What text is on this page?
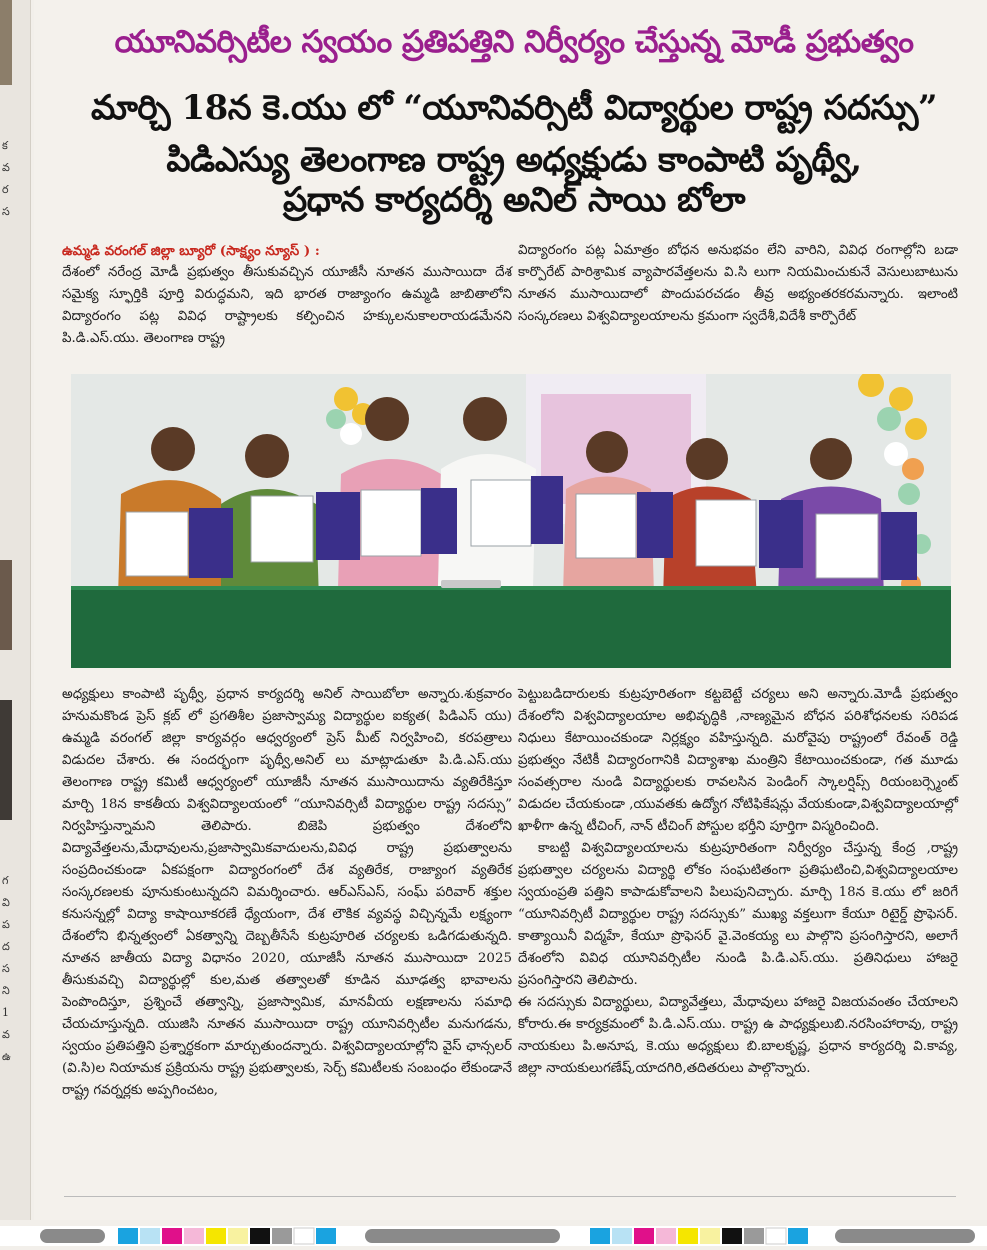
క
వ
ర
స
గ
వి
ప
ద
స
ని
1
వ
ఉ
యూనివర్సిటీల స్వయం ప్రతిపత్తిని నిర్వీర్యం చేస్తున్న మోడీ ప్రభుత్వం
మార్చి 18న కె.యు లో “యూనివర్సిటీ విద్యార్థుల రాష్ట్ర సదస్సు”
పిడిఎస్యు తెలంగాణ రాష్ట్ర అధ్యక్షుడు కాంపాటి పృథ్వీ,
ప్రధాన కార్యదర్శి అనిల్ సాయి బోలా

ఉమ్మడి వరంగల్ జిల్లా బ్యూరో (సాక్ష్యం న్యూస్ ) :

దేశంలో నరేంద్ర మోడీ ప్రభుత్వం తీసుకువచ్చిన యూజీసీ నూతన ముసాయిదా దేశ సమైక్య స్ఫూర్తికి పూర్తి విరుద్ధమని, ఇది భారత రాజ్యాంగం ఉమ్మడి జాబితాలోని విద్యారంగం పట్ల వివిధ రాష్ట్రాలకు కల్పించిన హక్కులనుకాలరాయడమేనని పి.డి.ఎస్.యు. తెలంగాణ రాష్ట్ర

విద్యారంగం పట్ల ఏమాత్రం బోధన అనుభవం లేని వారిని, వివిధ రంగాల్లోని బడా కార్పొరేట్ పారిశ్రామిక వ్యాపారవేత్తలను వి.సి లుగా నియమించుకునే వెసులుబాటును నూతన ముసాయిదాలో పొందుపరచడం తీవ్ర అభ్యంతరకరమన్నారు. ఇలాంటి సంస్కరణలు విశ్వవిద్యాలయాలను క్రమంగా స్వదేశీ,విదేశీ కార్పొరేట్

అధ్యక్షులు కాంపాటి పృథ్వీ, ప్రధాన కార్యదర్శి అనిల్ సాయిబోలా అన్నారు.శుక్రవారం హనుమకొండ ప్రెస్ క్లబ్ లో ప్రగతిశీల ప్రజాస్వామ్య విద్యార్థుల ఐక్యత( పిడిఎస్ యు) ఉమ్మడి వరంగల్ జిల్లా కార్యవర్గం ఆధ్వర్యంలో ప్రెస్ మీట్ నిర్వహించి, కరపత్రాలు విడుదల చేశారు. ఈ సందర్భంగా పృథ్వీ,అనిల్ లు మాట్లాడుతూ పి.డి.ఎస్.యు తెలంగాణ రాష్ట్ర కమిటీ ఆధ్వర్యంలో యూజీసీ నూతన ముసాయిదాను వ్యతిరేకిస్తూ మార్చి 18న కాకతీయ విశ్వవిద్యాలయంలో “యూనివర్సిటీ విద్యార్థుల రాష్ట్ర సదస్సు” నిర్వహిస్తున్నామని తెలిపారు. బిజెపి ప్రభుత్వం దేశంలోని విద్యావేత్తలను,మేధావులను,ప్రజాస్వామికవాదులను,వివిధ రాష్ట్ర ప్రభుత్వాలను సంప్రదించకుండా ఏకపక్షంగా విద్యారంగంలో దేశ వ్యతిరేక, రాజ్యాంగ వ్యతిరేక సంస్కరణలకు పూనుకుంటున్నదని విమర్శించారు. ఆర్ఎస్ఎస్, సంఘ్ పరివార్ శక్తుల కనుసన్నల్లో విద్యా కాషాయీకరణే ధ్యేయంగా, దేశ లౌకిక వ్యవస్థ విచ్చిన్నమే లక్ష్యంగా దేశంలోని భిన్నత్వంలో ఏకత్వాన్ని దెబ్బతీసేసే కుట్రపూరిత చర్యలకు ఒడిగడుతున్నది. నూతన జాతీయ విద్యా విధానం 2020, యూజీసీ నూతన ముసాయిదా 2025 తీసుకువచ్చి విద్యార్థుల్లో కుల,మత తత్వాలతో కూడిన మూఢత్వ భావాలను పెంపొందిస్తూ, ప్రశ్నించే తత్వాన్ని, ప్రజాస్వామిక, మానవీయ లక్షణాలను సమాధి చేయచూస్తున్నది. యుజిసి నూతన ముసాయిదా రాష్ట్ర యూనివర్సిటీల మనుగడను, స్వయం ప్రతిపత్తిని ప్రశ్నార్థకంగా మార్చుతుందన్నారు. విశ్వవిద్యాలయాల్లోని వైస్ ఛాన్సలర్ (వి.సి)ల నియామక ప్రక్రియను రాష్ట్ర ప్రభుత్వాలకు, సెర్చ్ కమిటీలకు సంబంధం లేకుండానే రాష్ట్ర గవర్నర్లకు అప్పగించటం,

పెట్టుబడిదారులకు కుట్రపూరితంగా కట్టబెట్టే చర్యలు అని అన్నారు.మోడీ ప్రభుత్వం దేశంలోని విశ్వవిద్యాలయాల అభివృద్ధికి ,నాణ్యమైన బోధన పరిశోధనలకు సరిపడ నిధులు కేటాయించకుండా నిర్లక్ష్యం వహిస్తున్నది. మరోవైపు రాష్ట్రంలో రేవంత్ రెడ్డి ప్రభుత్వం నేటికీ విద్యారంగానికి విద్యాశాఖ మంత్రిని కేటాయించకుండా, గత మూడు సంవత్సరాల నుండి విద్యార్థులకు రావలసిన పెండింగ్ స్కాలర్షిప్స్ రియంబర్స్మెంట్ విడుదల చేయకుండా ,యువతకు ఉద్యోగ నోటిఫికేషన్లు వేయకుండా,విశ్వవిద్యాలయాల్లో ఖాళీగా ఉన్న టీచింగ్, నాన్ టీచింగ్ పోస్టుల భర్తీని పూర్తిగా విస్మరించింది.

కాబట్టి విశ్వవిద్యాలయాలను కుట్రపూరితంగా నిర్వీర్యం చేస్తున్న కేంద్ర ,రాష్ట్ర ప్రభుత్వాల చర్యలను విద్యార్థి లోకం సంఘటితంగా ప్రతిఘటించి,విశ్వవిద్యాలయాల స్వయంప్రతి పత్తిని కాపాడుకోవాలని పిలుపునిచ్చారు. మార్చి 18న కె.యు లో జరిగే “యూనివర్సిటీ విద్యార్థుల రాష్ట్ర సదస్సుకు” ముఖ్య వక్తలుగా కేయూ రిటైర్డ్ ప్రొఫెసర్. కాత్యాయినీ విద్మహే, కేయూ ప్రొఫెసర్ వై.వెంకయ్య లు పాల్గొని ప్రసంగిస్తారని, అలాగే దేశంలోని వివిధ యూనివర్సిటీల నుండి పి.డి.ఎస్.యు. ప్రతినిధులు హాజరై ప్రసంగిస్తారని తెలిపారు.

ఈ సదస్సుకు విద్యార్థులు, విద్యావేత్తలు, మేధావులు హాజరై విజయవంతం చేయాలని కోరారు.ఈ కార్యక్రమంలో పి.డి.ఎస్.యు. రాష్ట్ర ఉ పాధ్యక్షులుబి.నరసింహారావు, రాష్ట్ర నాయకులు పి.అనూష, కె.యు అధ్యక్షులు బి.బాలకృష్ణ, ప్రధాన కార్యదర్శి వి.కావ్య, జిల్లా నాయకులుగణేష్,యాదగిరి,తదితరులు పాల్గొన్నారు.
